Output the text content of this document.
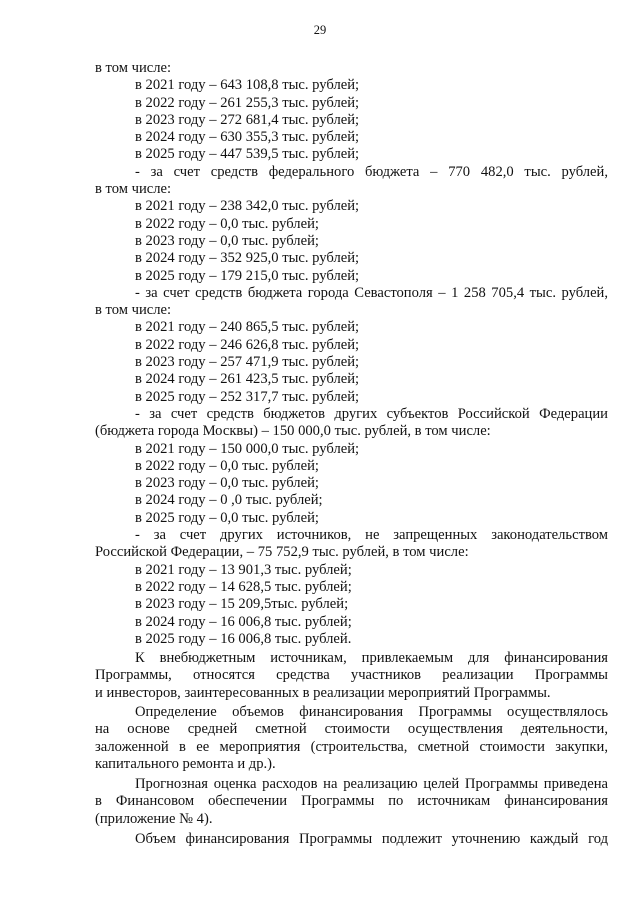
29
в том числе:
в 2021 году – 643 108,8 тыс. рублей;
в 2022 году – 261 255,3 тыс. рублей;
в 2023 году – 272 681,4 тыс. рублей;
в 2024 году – 630 355,3 тыс. рублей;
в 2025 году – 447 539,5 тыс. рублей;
- за счет средств федерального бюджета – 770 482,0 тыс. рублей,
в том числе:
в 2021 году – 238 342,0 тыс. рублей;
в 2022 году – 0,0 тыс. рублей;
в 2023 году – 0,0 тыс. рублей;
в 2024 году – 352 925,0 тыс. рублей;
в 2025 году – 179 215,0 тыс. рублей;
- за счет средств бюджета города Севастополя – 1 258 705,4 тыс. рублей,
в том числе:
в 2021 году – 240 865,5 тыс. рублей;
в 2022 году – 246 626,8 тыс. рублей;
в 2023 году – 257 471,9 тыс. рублей;
в 2024 году – 261 423,5 тыс. рублей;
в 2025 году – 252 317,7 тыс. рублей;
- за счет средств бюджетов других субъектов Российской Федерации
(бюджета города Москвы) – 150 000,0 тыс. рублей, в том числе:
в 2021 году – 150 000,0 тыс. рублей;
в 2022 году – 0,0 тыс. рублей;
в 2023 году – 0,0 тыс. рублей;
в 2024 году – 0 ,0 тыс. рублей;
в 2025 году – 0,0 тыс. рублей;
- за счет других источников, не запрещенных законодательством
Российской Федерации, – 75 752,9 тыс. рублей, в том числе:
в 2021 году – 13 901,3 тыс. рублей;
в 2022 году – 14 628,5 тыс. рублей;
в 2023 году – 15 209,5тыс. рублей;
в 2024 году – 16 006,8 тыс. рублей;
в 2025 году – 16 006,8 тыс. рублей.
К внебюджетным источникам, привлекаемым для финансирования
Программы, относятся средства участников реализации Программы
и инвесторов, заинтересованных в реализации мероприятий Программы.
Определение объемов финансирования Программы осуществлялось
на основе средней сметной стоимости осуществления деятельности,
заложенной в ее мероприятия (строительства, сметной стоимости закупки,
капитального ремонта и др.).
Прогнозная оценка расходов на реализацию целей Программы приведена
в Финансовом обеспечении Программы по источникам финансирования
(приложение № 4).
Объем финансирования Программы подлежит уточнению каждый год
